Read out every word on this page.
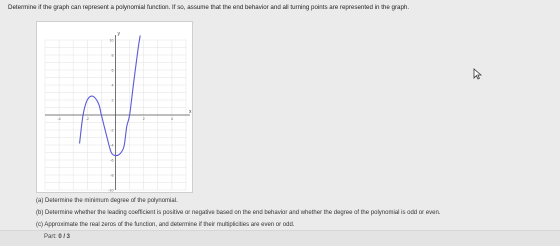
Determine if the graph can represent a polynomial function. If so, assume that the end behavior and all turning points are represented in the graph.
x
y
10
8
6
4
2
-2
-4
-6
-8
-10
-4	-2	2	4
(a) Determine the minimum degree of the polynomial.
(b) Determine whether the leading coefficient is positive or negative based on the end behavior and whether the degree of the polynomial is odd or even.
(c) Approximate the real zeros of the function, and determine if their multiplicities are even or odd.
Part: 0 / 3
